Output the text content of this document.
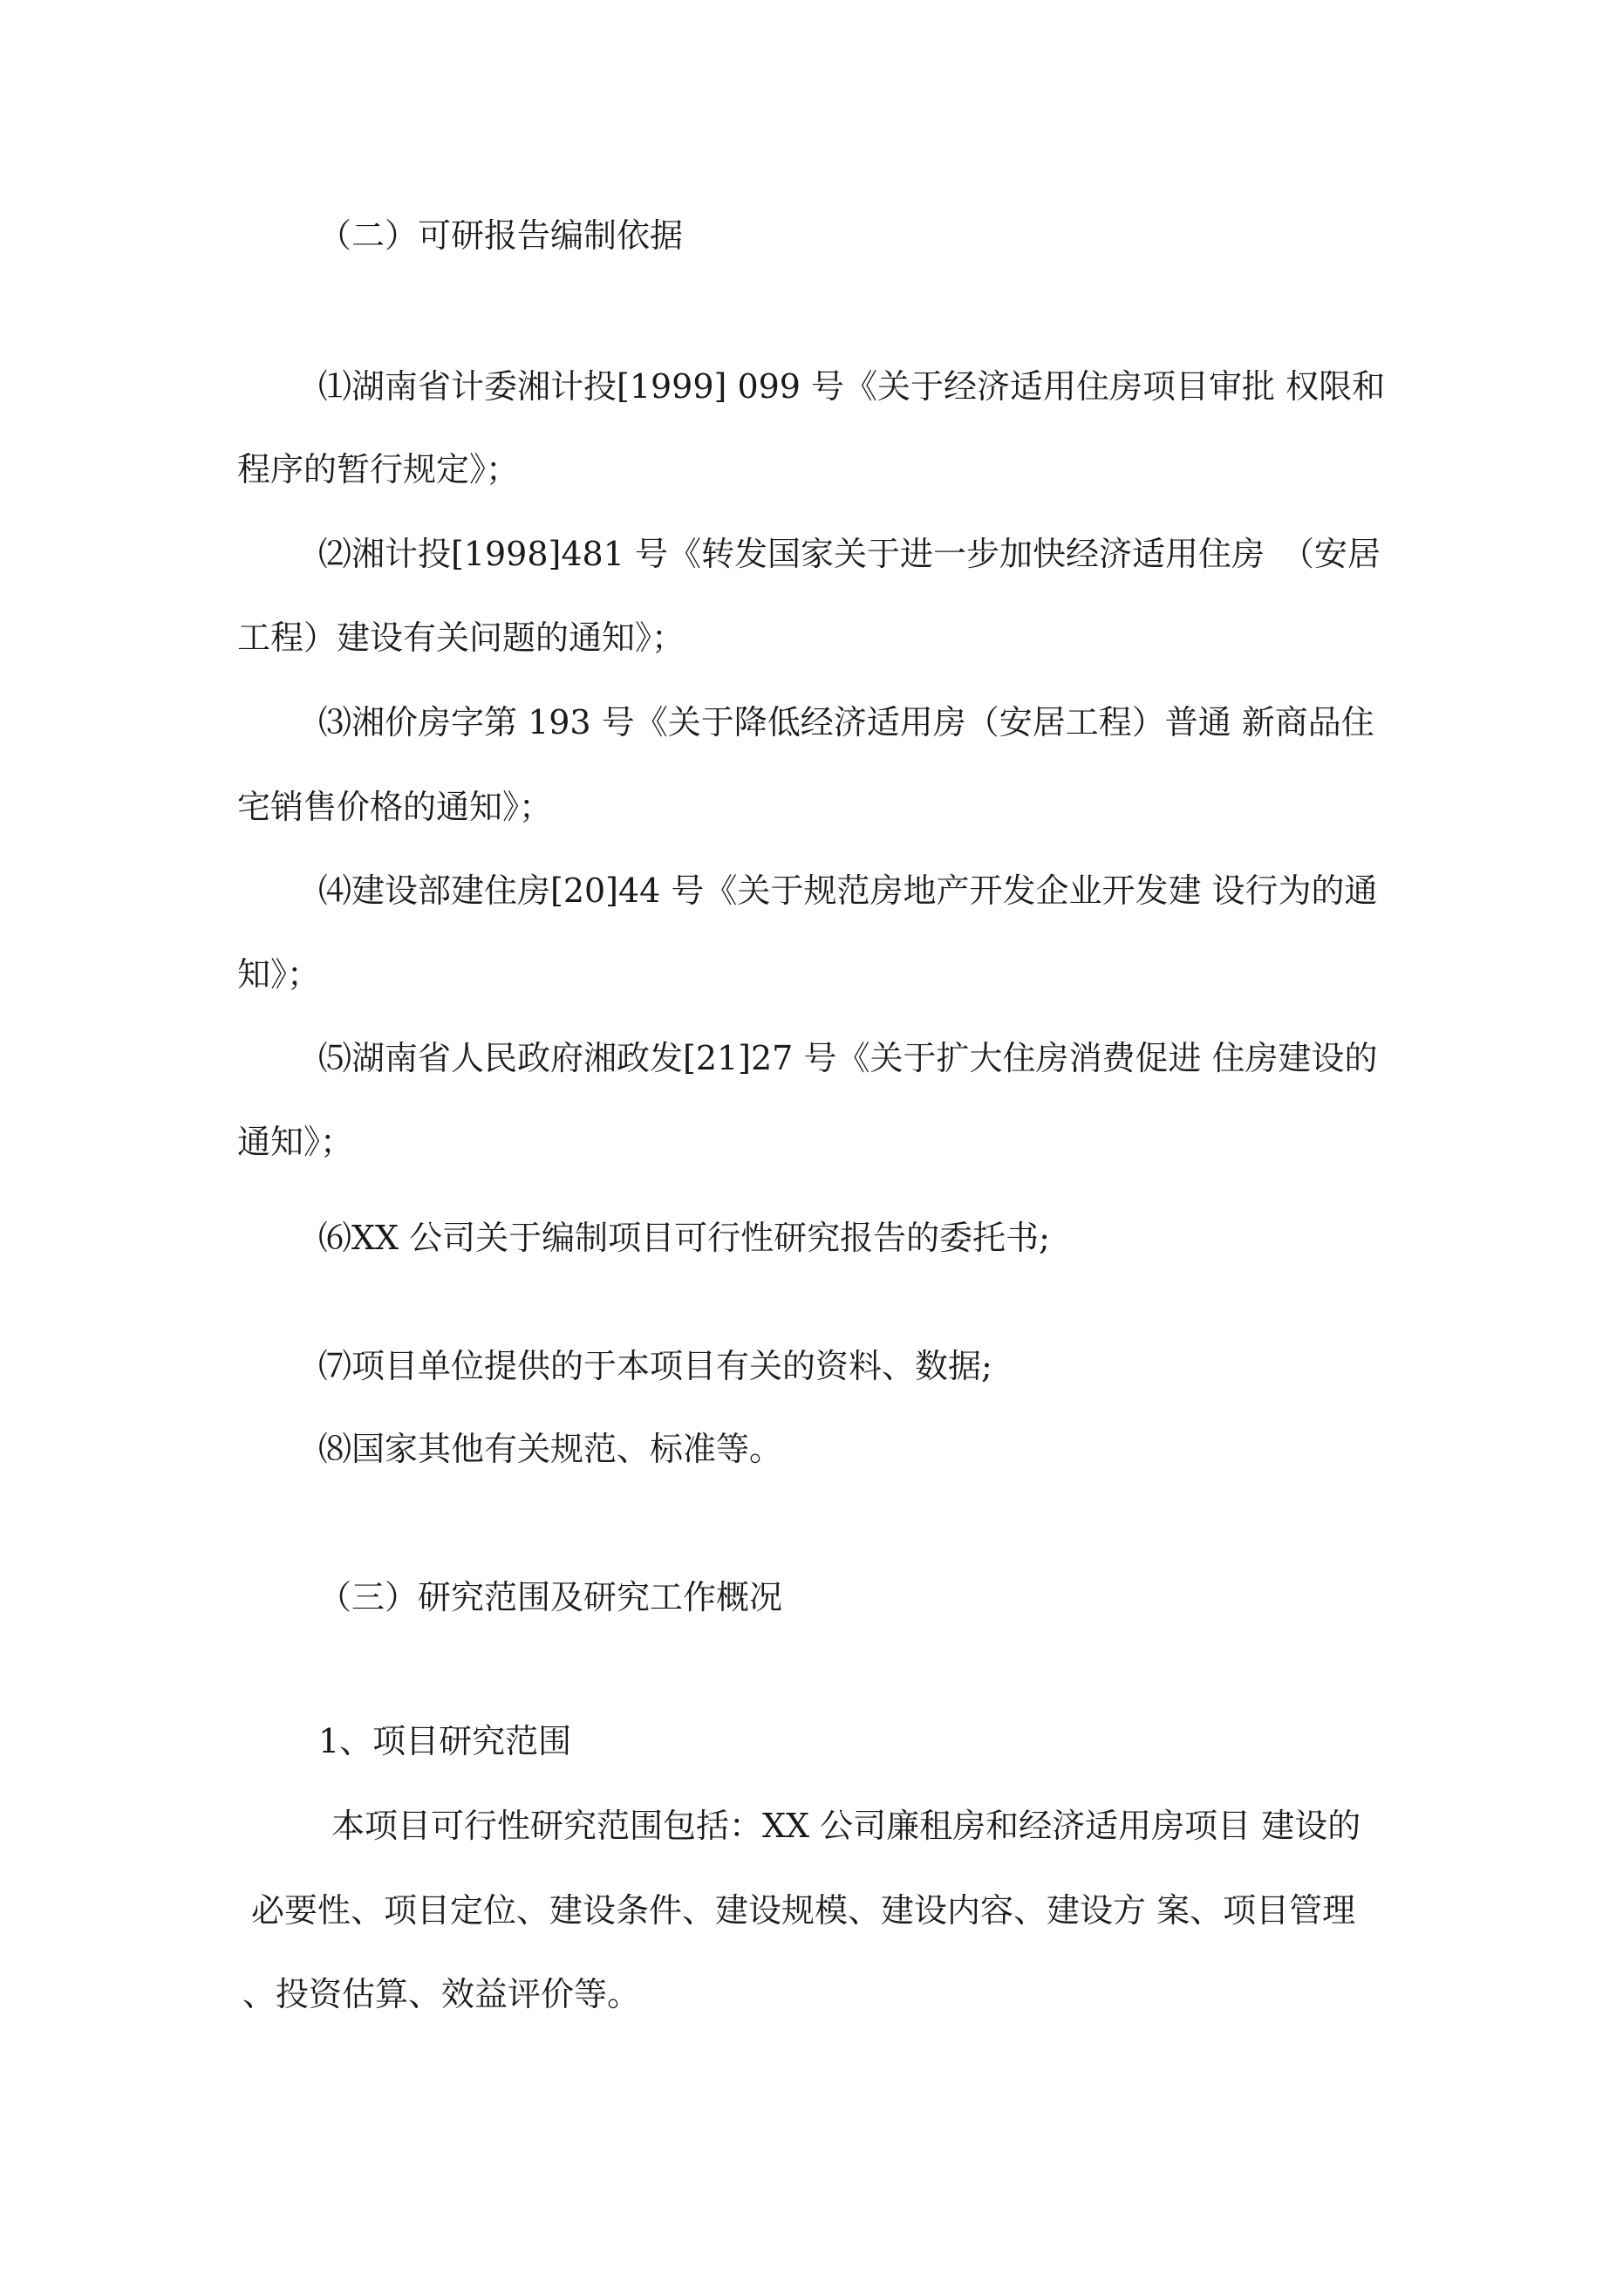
（二）可研报告编制依据

⑴湖南省计委湘计投[1999] 099 号《关于经济适用住房项目审批 权限和

程序的暂行规定》；

⑵湘计投[1998]481 号《转发国家关于进一步加快经济适用住房　（安居

工程）建设有关问题的通知》；

⑶湘价房字第 193 号《关于降低经济适用房（安居工程）普通 新商品住

宅销售价格的通知》；

⑷建设部建住房[20]44 号《关于规范房地产开发企业开发建 设行为的通

知》；

⑸湖南省人民政府湘政发[21]27 号《关于扩大住房消费促进 住房建设的

通知》；

⑹XX 公司关于编制项目可行性研究报告的委托书;

⑺项目单位提供的于本项目有关的资料、数据;

⑻国家其他有关规范、标准等。

（三）研究范围及研究工作概况

1、项目研究范围

本项目可行性研究范围包括：XX 公司廉租房和经济适用房项目 建设的

必要性、项目定位、建设条件、建设规模、建设内容、建设方 案、项目管理

、投资估算、效益评价等。
